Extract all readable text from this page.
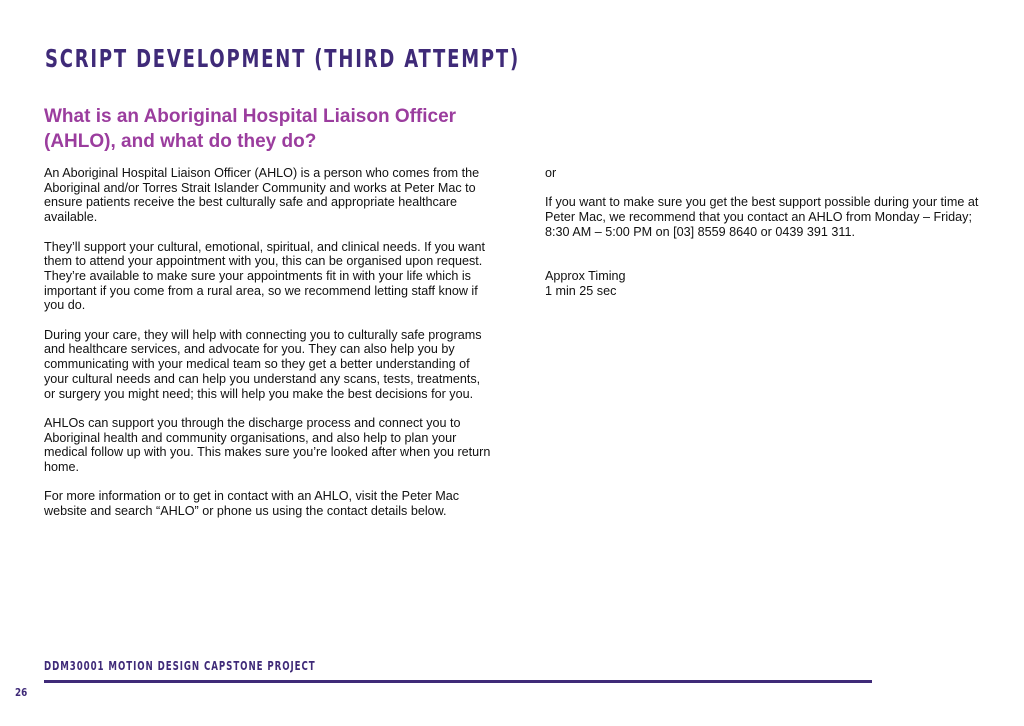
SCRIPT DEVELOPMENT (THIRD ATTEMPT)
What is an Aboriginal Hospital Liaison Officer (AHLO), and what do they do?

An Aboriginal Hospital Liaison Officer (AHLO) is a person who comes from the Aboriginal and/or Torres Strait Islander Community and works at Peter Mac to ensure patients receive the best culturally safe and appropriate healthcare available.

They’ll support your cultural, emotional, spiritual, and clinical needs. If you want them to attend your appointment with you, this can be organised upon request. They’re available to make sure your appointments fit in with your life which is important if you come from a rural area, so we recommend letting staff know if you do.

During your care, they will help with connecting you to culturally safe programs and healthcare services, and advocate for you. They can also help you by communicating with your medical team so they get a better understanding of your cultural needs and can help you understand any scans, tests, treatments, or surgery you might need; this will help you make the best decisions for you.

AHLOs can support you through the discharge process and connect you to Aboriginal health and community organisations, and also help to plan your medical follow up with you. This makes sure you’re looked after when you return home.

For more information or to get in contact with an AHLO, visit the Peter Mac website and search “AHLO” or phone us using the contact details below.

or

If you want to make sure you get the best support possible during your time at Peter Mac, we recommend that you contact an AHLO from Monday – Friday; 8:30 AM – 5:00 PM on [03] 8559 8640 or 0439 391 311.

Approx Timing
1 min 25 sec
DDM30001 MOTION DESIGN CAPSTONE PROJECT
26
